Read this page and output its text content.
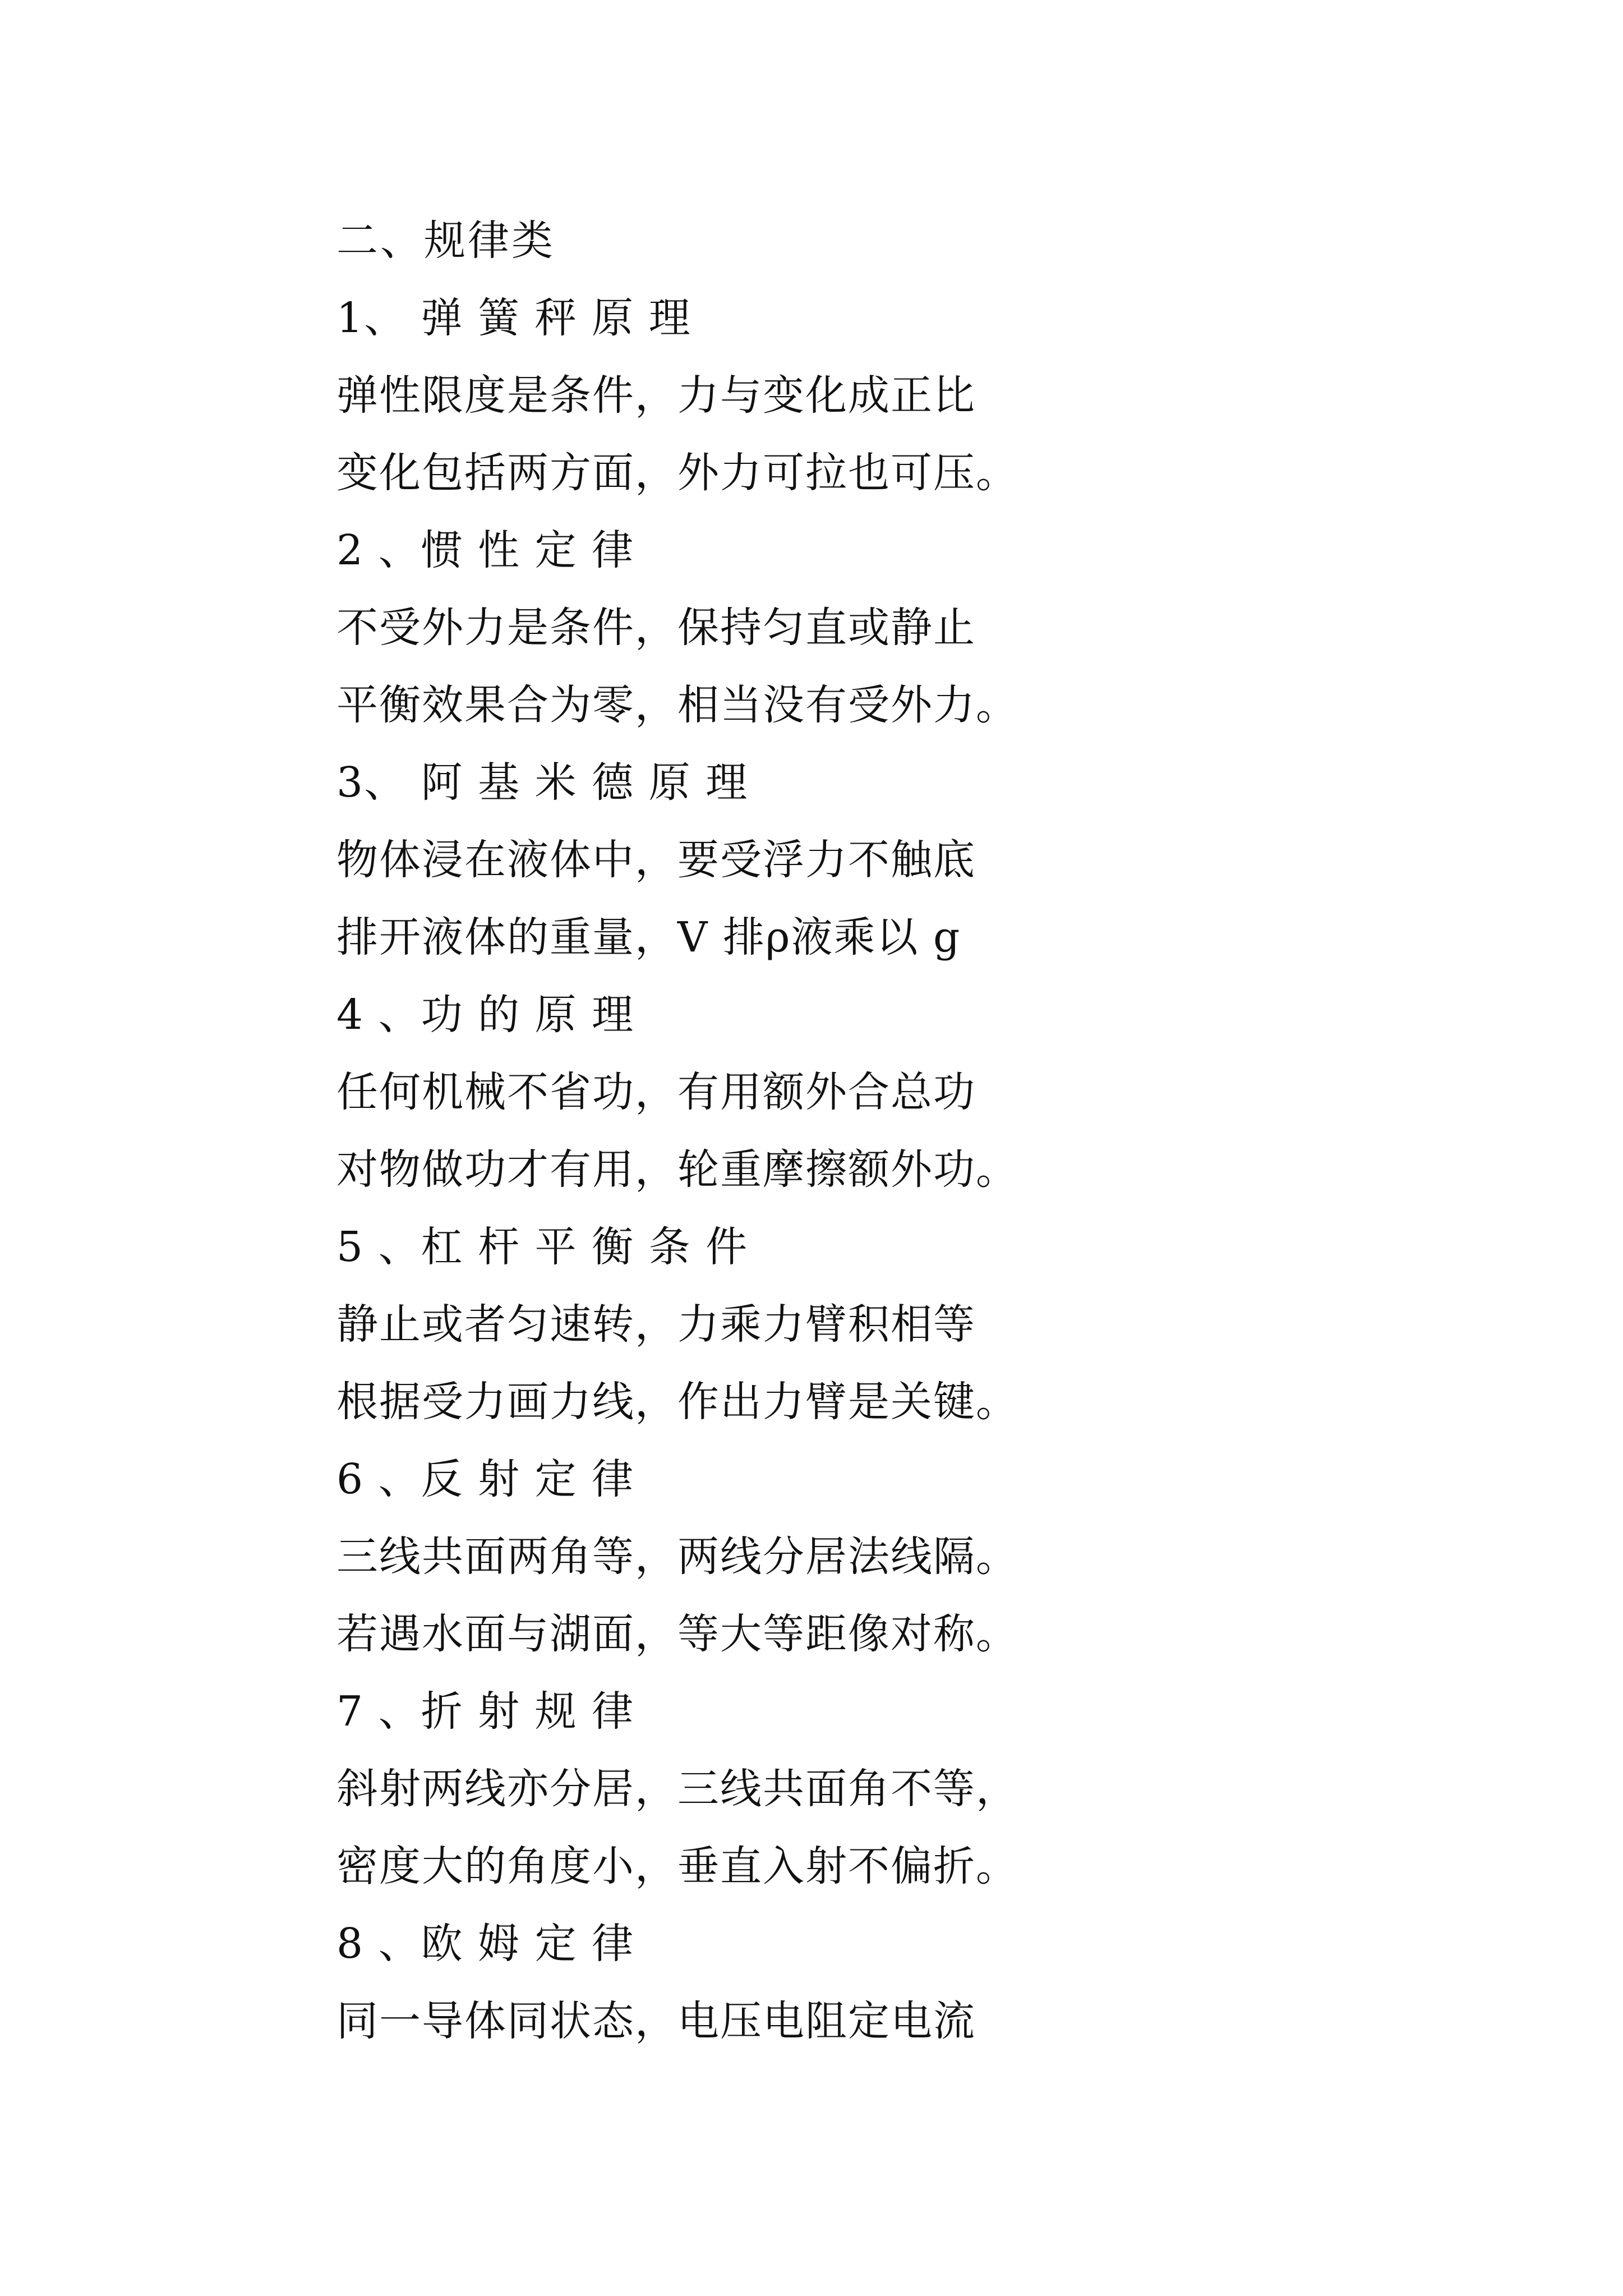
二、规律类
1、 弹 簧 秤 原 理
弹性限度是条件，力与变化成正比
变化包括两方面，外力可拉也可压。
2 、惯 性 定 律
不受外力是条件，保持匀直或静止
平衡效果合为零，相当没有受外力。
3、 阿 基 米 德 原 理
物体浸在液体中，要受浮力不触底
排开液体的重量，V 排ρ液乘以 g
4 、功 的 原 理
任何机械不省功，有用额外合总功
对物做功才有用，轮重摩擦额外功。
5 、杠 杆 平 衡 条 件
静止或者匀速转，力乘力臂积相等
根据受力画力线，作出力臂是关键。
6 、反 射 定 律
三线共面两角等，两线分居法线隔。
若遇水面与湖面，等大等距像对称。
7 、折 射 规 律
斜射两线亦分居，三线共面角不等，
密度大的角度小，垂直入射不偏折。
8 、欧 姆 定 律
同一导体同状态，电压电阻定电流
